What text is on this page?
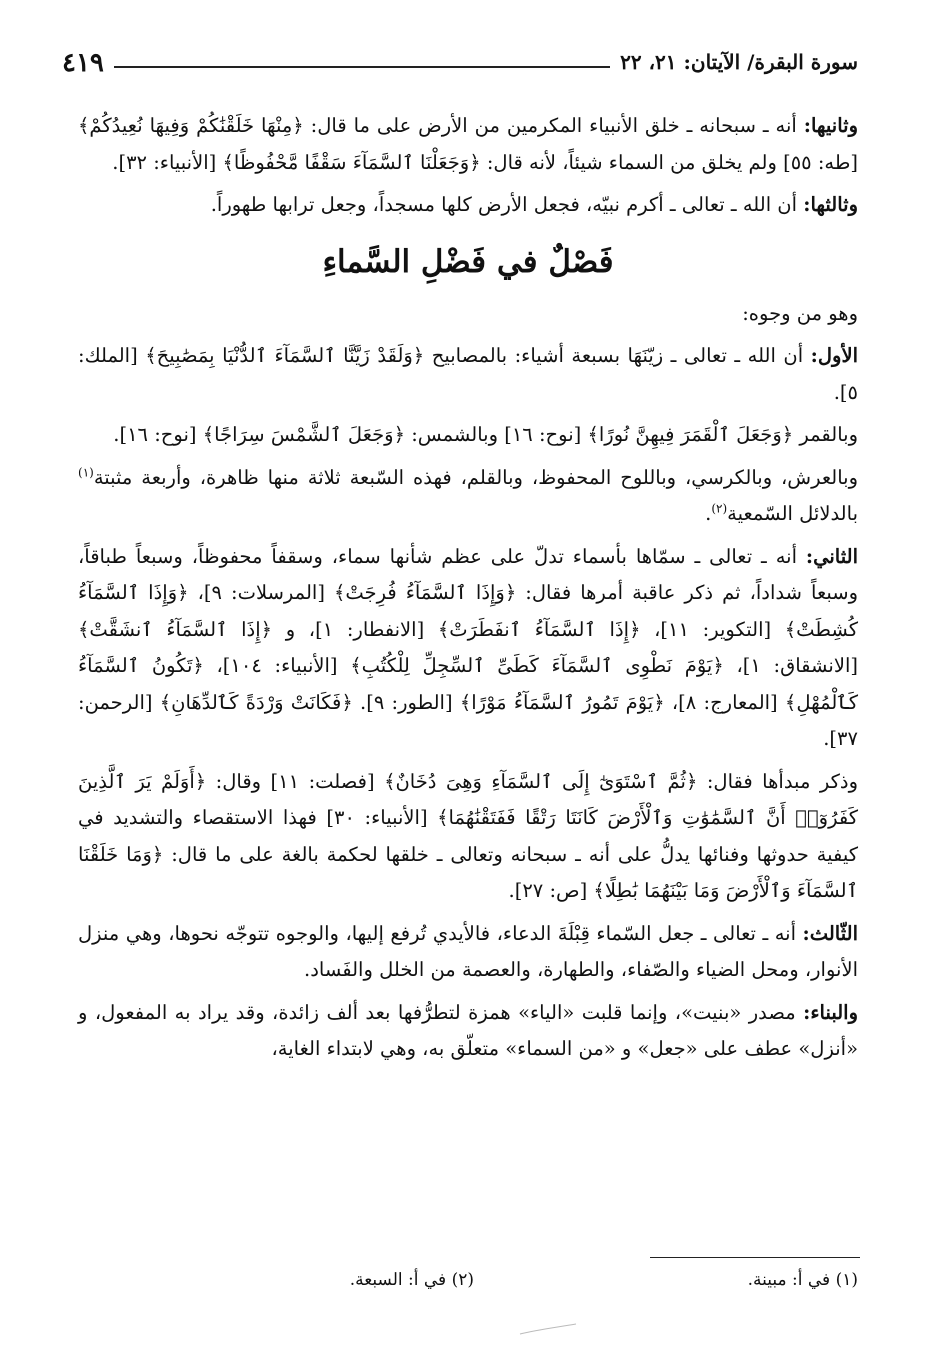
سورة البقرة/ الآيتان: ٢١، ٢٢
٤١٩

وثانيها: أنه ـ سبحانه ـ خلق الأنبياء المكرمين من الأرض على ما قال: ﴿مِنْهَا خَلَقْنَٰكُمْ وَفِيهَا نُعِيدُكُمْ﴾ [طه: ٥٥] ولم يخلق من السماء شيئاً، لأنه قال: ﴿وَجَعَلْنَا ٱلسَّمَآءَ سَقْفًا مَّحْفُوظًا﴾ [الأنبياء: ٣٢].

وثالثها: أن الله ـ تعالى ـ أكرم نبيّه، فجعل الأرض كلها مسجداً، وجعل ترابها طهوراً.

فَصْلٌ في فَضْلِ السَّماءِ

وهو من وجوه:

الأول: أن الله ـ تعالى ـ زيّنَهَا بسبعة أشياء: بالمصابيح ﴿وَلَقَدْ زَيَّنَّا ٱلسَّمَآءَ ٱلدُّنْيَا بِمَصَٰبِيحَ﴾ [الملك: ٥].

وبالقمر ﴿وَجَعَلَ ٱلْقَمَرَ فِيهِنَّ نُورًا﴾ [نوح: ١٦] وبالشمس: ﴿وَجَعَلَ ٱلشَّمْسَ سِرَاجًا﴾ [نوح: ١٦].

وبالعرش، وبالكرسي، وباللوح المحفوظ، وبالقلم، فهذه السّبعة ثلاثة منها ظاهرة، وأربعة مثبتة$^{(١)}$ بالدلائل السّمعية$^{(٢)}$.

الثاني: أنه ـ تعالى ـ سمّاها بأسماء تدلّ على عظم شأنها سماء، وسقفاً محفوظاً، وسبعاً طباقاً، وسبعاً شداداً، ثم ذكر عاقبة أمرها فقال: ﴿وَإِذَا ٱلسَّمَآءُ فُرِجَتْ﴾ [المرسلات: ٩]، ﴿وَإِذَا ٱلسَّمَآءُ كُشِطَتْ﴾ [التكوير: ١١]، ﴿إِذَا ٱلسَّمَآءُ ٱنفَطَرَتْ﴾ [الانفطار: ١]، و ﴿إِذَا ٱلسَّمَآءُ ٱنشَقَّتْ﴾ [الانشقاق: ١]، ﴿يَوْمَ نَطْوِى ٱلسَّمَآءَ كَطَىِّ ٱلسِّجِلِّ لِلْكُتُبِ﴾ [الأنبياء: ١٠٤]، ﴿تَكُونُ ٱلسَّمَآءُ كَٱلْمُهْلِ﴾ [المعارج: ٨]، ﴿يَوْمَ تَمُورُ ٱلسَّمَآءُ مَوْرًا﴾ [الطور: ٩]. ﴿فَكَانَتْ وَرْدَةً كَٱلدِّهَانِ﴾ [الرحمن: ٣٧].

وذكر مبدأها فقال: ﴿ثُمَّ ٱسْتَوَىٰٓ إِلَى ٱلسَّمَآءِ وَهِىَ دُخَانٌ﴾ [فصلت: ١١] وقال: ﴿أَوَلَمْ يَرَ ٱلَّذِينَ كَفَرُوٓا۟ أَنَّ ٱلسَّمَٰوَٰتِ وَٱلْأَرْضَ كَانَتَا رَتْقًا فَفَتَقْنَٰهُمَا﴾ [الأنبياء: ٣٠] فهذا الاستقصاء والتشديد في كيفية حدوثها وفنائها يدلُّ على أنه ـ سبحانه وتعالى ـ خلقها لحكمة بالغة على ما قال: ﴿وَمَا خَلَقْنَا ٱلسَّمَآءَ وَٱلْأَرْضَ وَمَا بَيْنَهُمَا بَٰطِلًا﴾ [ص: ٢٧].

الثّالث: أنه ـ تعالى ـ جعل السّماء قِبْلَةَ الدعاء، فالأيدي تُرفع إليها، والوجوه تتوجّه نحوها، وهي منزل الأنوار، ومحل الضياء والصّفاء، والطهارة، والعصمة من الخلل والفَساد.

والبناء: مصدر «بنيت»، وإنما قلبت «الياء» همزة لتطرُّفها بعد ألف زائدة، وقد يراد به المفعول، و «أنزل» عطف على «جعل» و «من السماء» متعلّق به، وهي لابتداء الغاية،

(١) في أ: مبينة.
(٢) في أ: السبعة.
